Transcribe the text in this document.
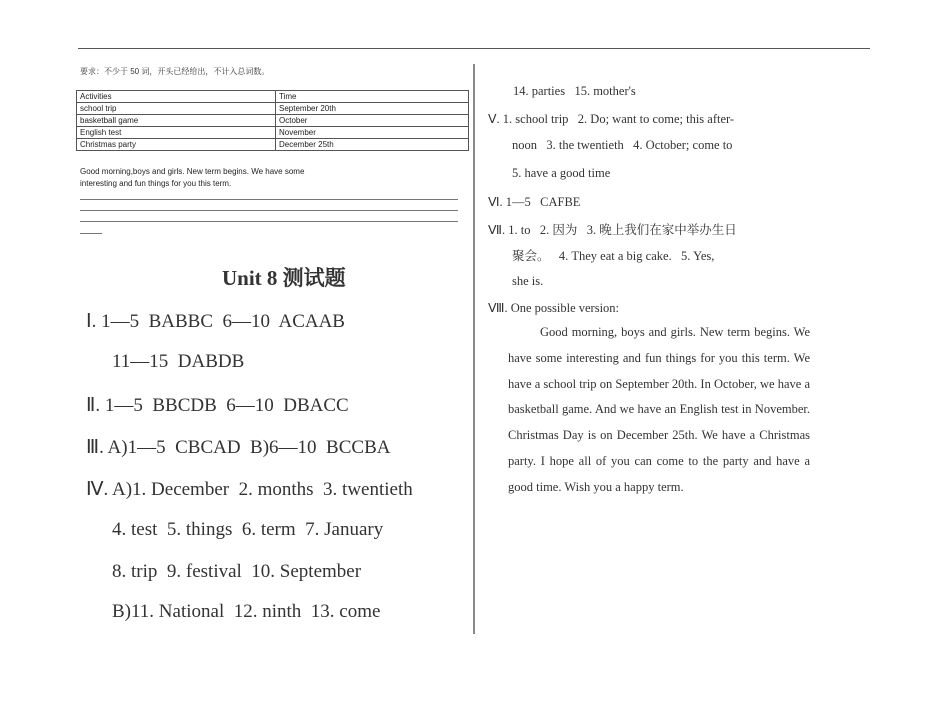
要求：不少于 50 词，开头已经给出，不计入总词数。
Activities	Time
school trip	September 20th
basketball game	October
English test	November
Christmas party	December 25th
Good morning,boys and girls. New term begins. We have some
interesting and fun things for you this term.
Unit 8 测试题
Ⅰ. 1—5  BABBC  6—10  ACAAB
11—15  DABDB
Ⅱ. 1—5  BBCDB  6—10  DBACC
Ⅲ. A)1—5  CBCAD  B)6—10  BCCBA
Ⅳ. A)1. December  2. months  3. twentieth
4. test  5. things  6. term  7. January
8. trip  9. festival  10. September
B)11. National  12. ninth  13. come
14. parties   15. mother's
Ⅴ. 1. school trip   2. Do; want to come; this after-
noon   3. the twentieth   4. October; come to
5. have a good time
Ⅵ. 1—5   CAFBE
Ⅶ. 1. to   2. 因为   3. 晚上我们在家中举办生日
聚会。   4. They eat a big cake.   5. Yes,
she is.
Ⅷ. One possible version:
Good morning, boys and girls. New term begins. We have some interesting and fun things for you this term. We have a school trip on September 20th. In October, we have a basketball game. And we have an English test in November. Christmas Day is on December 25th. We have a Christmas party. I hope all of you can come to the party and have a good time. Wish you a happy term.
